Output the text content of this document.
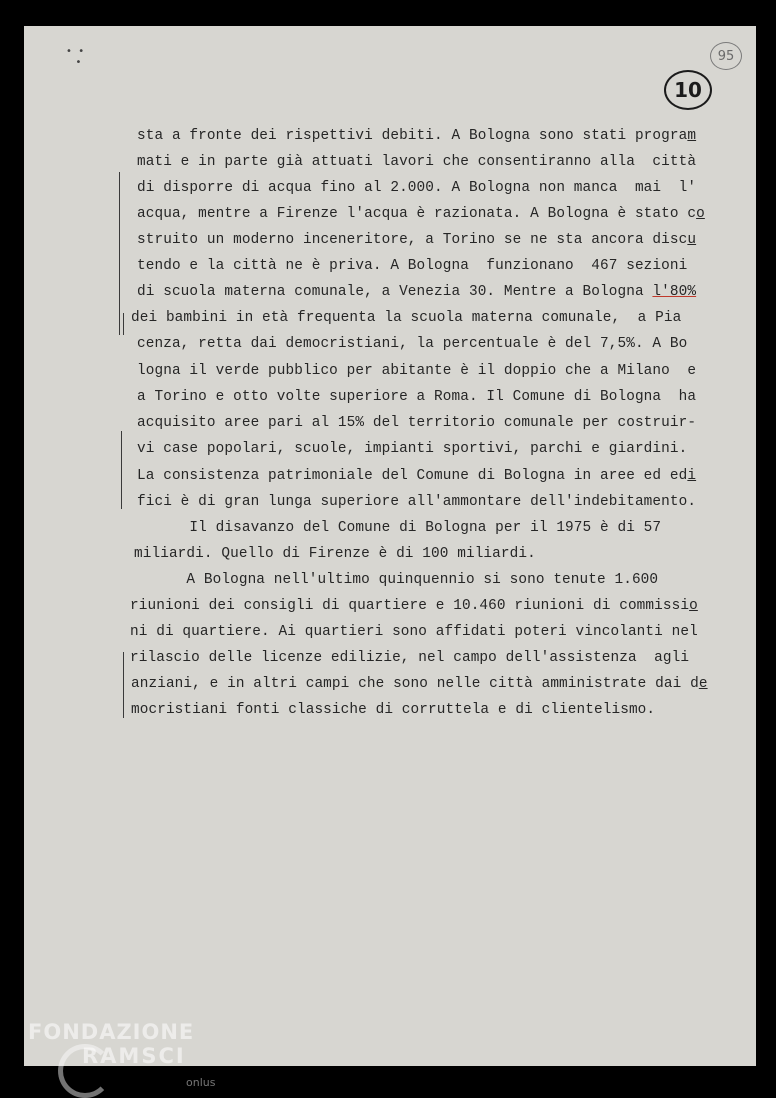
•  •
•	95
10
sta a fronte dei rispettivi debiti. A Bologna sono stati program
mati e in parte già attuati lavori che consentiranno alla  città
di disporre di acqua fino al 2.000. A Bologna non manca  mai  l'
acqua, mentre a Firenze l'acqua è razionata. A Bologna è stato co
struito un moderno inceneritore, a Torino se ne sta ancora discu
tendo e la città ne è priva. A Bologna  funzionano  467 sezioni
di scuola materna comunale, a Venezia 30. Mentre a Bologna l'80%
dei bambini in età frequenta la scuola materna comunale,  a Pia
cenza, retta dai democristiani, la percentuale è del 7,5%. A Bo
logna il verde pubblico per abitante è il doppio che a Milano  e
a Torino e otto volte superiore a Roma. Il Comune di Bologna  ha
acquisito aree pari al 15% del territorio comunale per costruir-
vi case popolari, scuole, impianti sportivi, parchi e giardini.
La consistenza patrimoniale del Comune di Bologna in aree ed edi
fici è di gran lunga superiore all'ammontare dell'indebitamento.
Il disavanzo del Comune di Bologna per il 1975 è di 57
miliardi. Quello di Firenze è di 100 miliardi.
A Bologna nell'ultimo quinquennio si sono tenute 1.600
riunioni dei consigli di quartiere e 10.460 riunioni di commissio
ni di quartiere. Ai quartieri sono affidati poteri vincolanti nel
rilascio delle licenze edilizie, nel campo dell'assistenza  agli
anziani, e in altri campi che sono nelle città amministrate dai de
mocristiani fonti classiche di corruttela e di clientelismo.
FONDAZIONE
RAMSCI
onlus
